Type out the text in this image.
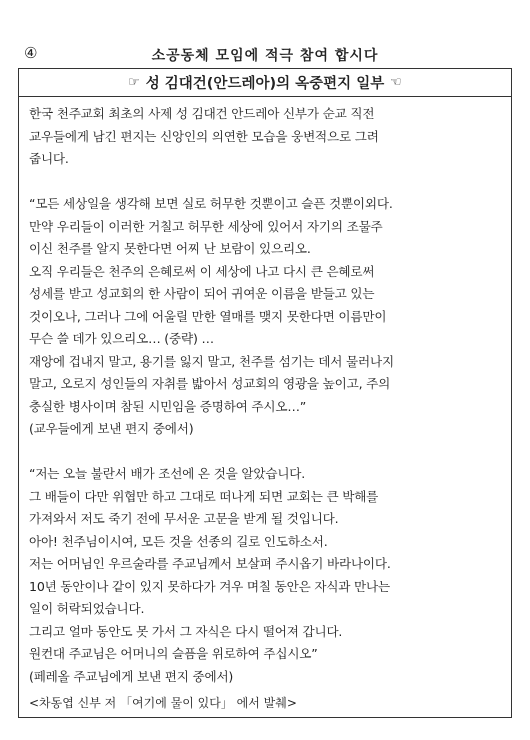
④	소공동체 모임에 적극 참여 합시다
☞ 성 김대건(안드레아)의 옥중편지 일부 ☞
한국 천주교회 최초의 사제 성 김대건 안드레아 신부가 순교 직전
교우들에게 남긴 편지는 신앙인의 의연한 모습을 웅변적으로 그려
줍니다.
“모든 세상일을 생각해 보면 실로 허무한 것뿐이고 슬픈 것뿐이외다.
만약 우리들이 이러한 거칠고 허무한 세상에 있어서 자기의 조물주
이신 천주를 알지 못한다면 어찌 난 보람이 있으리오.
오직 우리들은 천주의 은혜로써 이 세상에 나고 다시 큰 은혜로써
성세를 받고 성교회의 한 사람이 되어 귀여운 이름을 받들고 있는
것이오나, 그러나 그에 어울릴 만한 열매를 맺지 못한다면 이름만이
무슨 쓸 데가 있으리오… (중략) …
재앙에 겁내지 말고, 용기를 잃지 말고, 천주를 섬기는 데서 물러나지
말고, 오로지 성인들의 자취를 밟아서 성교회의 영광을 높이고, 주의
충실한 병사이며 참된 시민임을 증명하여 주시오…”
(교우들에게 보낸 편지 중에서)
“저는 오늘 불란서 배가 조선에 온 것을 알았습니다.
그 배들이 다만 위협만 하고 그대로 떠나게 되면 교회는 큰 박해를
가져와서 저도 죽기 전에 무서운 고문을 받게 될 것입니다.
아아! 천주님이시여, 모든 것을 선종의 길로 인도하소서.
저는 어머님인 우르술라를 주교님께서 보살펴 주시옵기 바라나이다.
10년 동안이나 같이 있지 못하다가 겨우 며칠 동안은 자식과 만나는
일이 허락되었습니다.
그리고 얼마 동안도 못 가서 그 자식은 다시 떨어져 갑니다.
원컨대 주교님은 어머니의 슬픔을 위로하여 주십시오”
(페레올 주교님에게 보낸 편지 중에서)
<차동엽 신부 저 「여기에 물이 있다」 에서 발췌>
